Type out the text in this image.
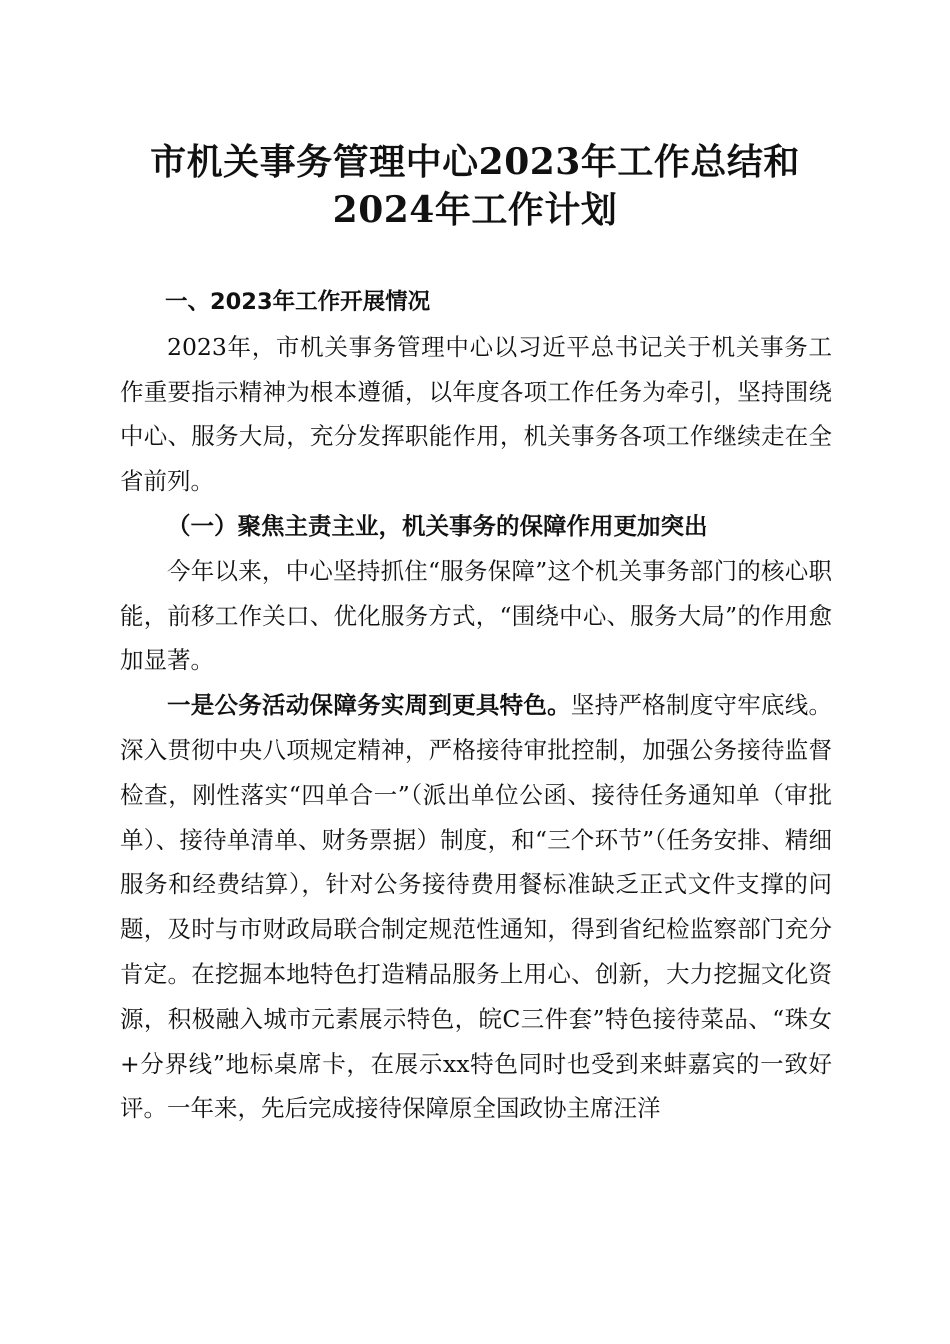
市机关事务管理中心2023年工作总结和2024年工作计划

一、2023年工作开展情况

2023年，市机关事务管理中心以习近平总书记关于机关事务工作重要指示精神为根本遵循，以年度各项工作任务为牵引，坚持围绕中心、服务大局，充分发挥职能作用，机关事务各项工作继续走在全省前列。

（一）聚焦主责主业，机关事务的保障作用更加突出

今年以来，中心坚持抓住“服务保障”这个机关事务部门的核心职能，前移工作关口、优化服务方式，“围绕中心、服务大局”的作用愈加显著。

一是公务活动保障务实周到更具特色。坚持严格制度守牢底线。深入贯彻中央八项规定精神，严格接待审批控制，加强公务接待监督检查，刚性落实“四单合一”（派出单位公函、接待任务通知单（审批单）、接待单清单、财务票据）制度，和“三个环节”（任务安排、精细服务和经费结算），针对公务接待费用餐标准缺乏正式文件支撑的问题，及时与市财政局联合制定规范性通知，得到省纪检监察部门充分肯定。在挖掘本地特色打造精品服务上用心、创新，大力挖掘文化资源，积极融入城市元素展示特色，皖C三件套”特色接待菜品、“珠女+分界线”地标桌席卡，在展示xx特色同时也受到来蚌嘉宾的一致好评。一年来，先后完成接待保障原全国政协主席汪洋
